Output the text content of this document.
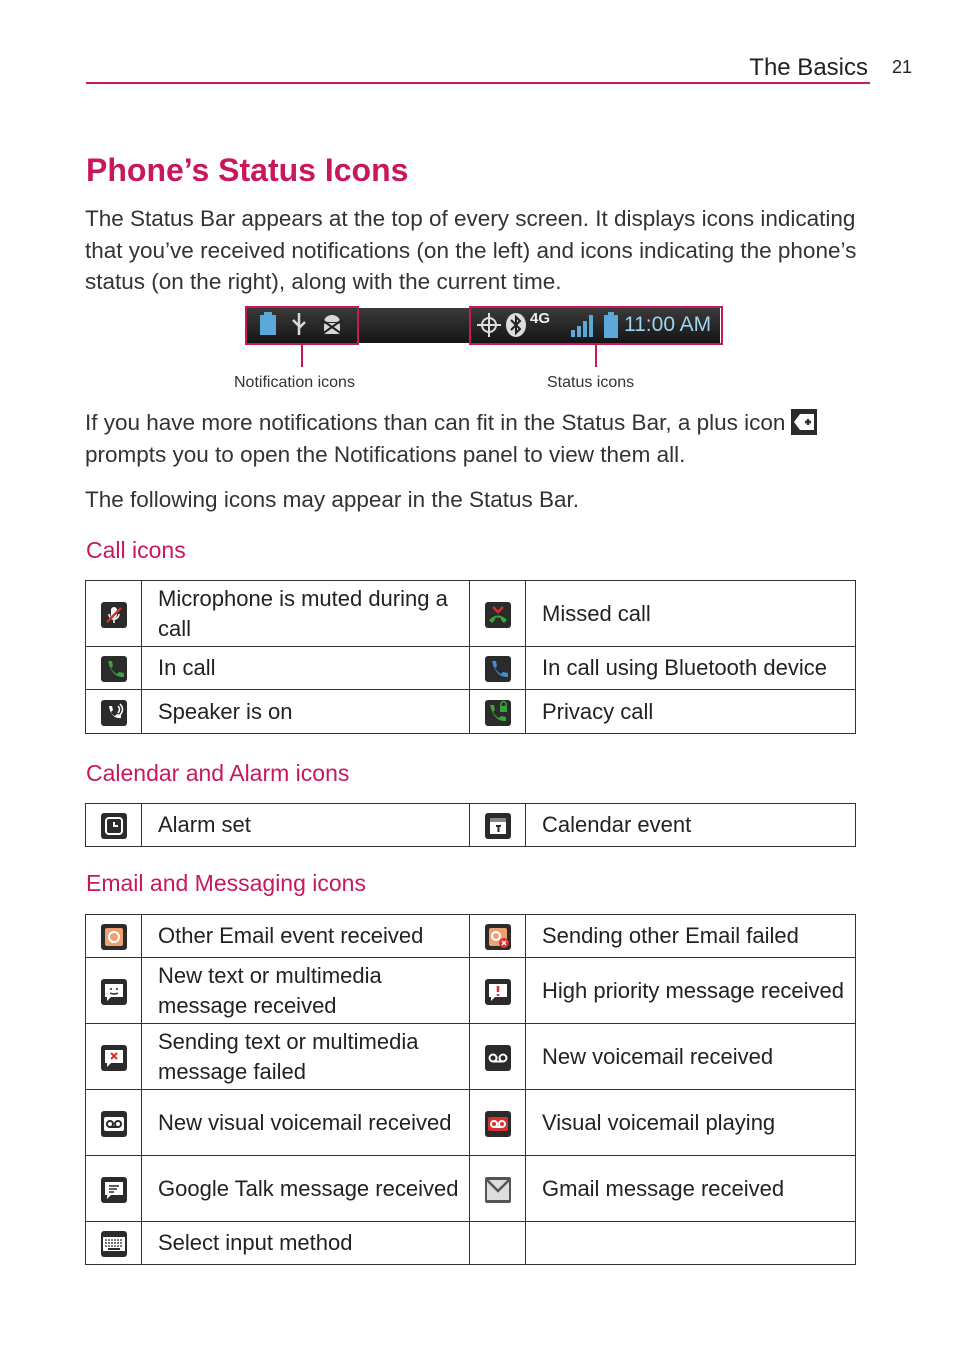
The Basics 21
Phone’s Status Icons

The Status Bar appears at the top of every screen. It displays icons indicating that you’ve received notifications (on the left) and icons indicating the phone’s status (on the right), along with the current time.

4G	11:00 AM
Notification icons	Status icons

If you have more notifications than can fit in the Status Bar, a plus icon

prompts you to open the Notifications panel to view them all.

The following icons may appear in the Status Bar.

Call icons
	Microphone is muted during a call		Missed call
	In call		In call using Bluetooth device
	Speaker is on		Privacy call
Calendar and Alarm icons
	Alarm set		Calendar event
Email and Messaging icons
	Other Email event received		Sending other Email failed
	New text or multimedia message received		High priority message received
	Sending text or multimedia message failed		New voicemail received
	New visual voicemail received		Visual voicemail playing
	Google Talk message received		Gmail message received
	Select input method		
